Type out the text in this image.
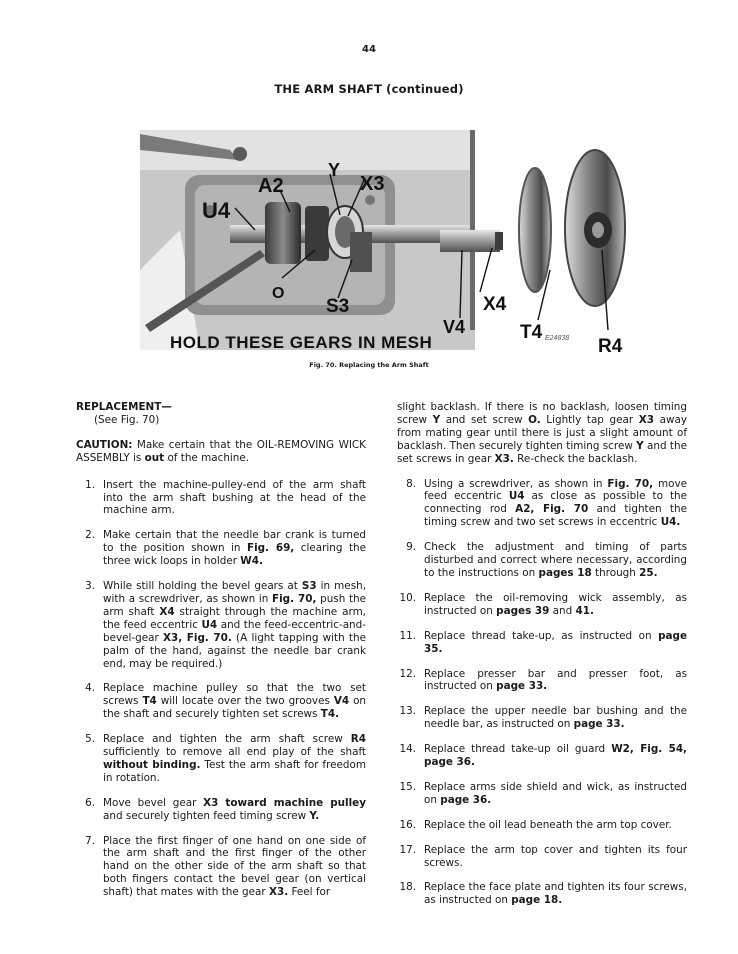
44
THE ARM SHAFT (continued)
A2
Y
X3
U4
O
S3	X4
V4	T4
R4
E24838
HOLD THESE GEARS IN MESH
Fig. 70. Replacing the Arm Shaft

REPLACEMENT—

(See Fig. 70)

CAUTION: Make certain that the OIL-REMOVING WICK ASSEMBLY is out of the machine.

1. Insert the machine-pulley-end of the arm shaft into the arm shaft bushing at the head of the machine arm.
2. Make certain that the needle bar crank is turned to the position shown in Fig. 69, clearing the three wick loops in holder W4.
3. While still holding the bevel gears at S3 in mesh, with a screwdriver, as shown in Fig. 70, push the arm shaft X4 straight through the machine arm, the feed eccentric U4 and the feed-eccentric-and-bevel-gear X3, Fig. 70. (A light tapping with the palm of the hand, against the needle bar crank end, may be required.)
4. Replace machine pulley so that the two set screws T4 will locate over the two grooves V4 on the shaft and securely tighten set screws T4.
5. Replace and tighten the arm shaft screw R4 sufficiently to remove all end play of the shaft without binding. Test the arm shaft for freedom in rotation.
6. Move bevel gear X3 toward machine pulley and securely tighten feed timing screw Y.
7. Place the first finger of one hand on one side of the arm shaft and the first finger of the other hand on the other side of the arm shaft so that both fingers contact the bevel gear (on vertical shaft) that mates with the gear X3. Feel for

slight backlash. If there is no backlash, loosen timing screw Y and set screw O. Lightly tap gear X3 away from mating gear until there is just a slight amount of backlash. Then securely tighten timing screw Y and the set screws in gear X3. Re-check the backlash.

8. Using a screwdriver, as shown in Fig. 70, move feed eccentric U4 as close as possible to the connecting rod A2, Fig. 70 and tighten the timing screw and two set screws in eccentric U4.
9. Check the adjustment and timing of parts disturbed and correct where necessary, according to the instructions on pages 18 through 25.
10. Replace the oil-removing wick assembly, as instructed on pages 39 and 41.
11. Replace thread take-up, as instructed on page 35.
12. Replace presser bar and presser foot, as instructed on page 33.
13. Replace the upper needle bar bushing and the needle bar, as instructed on page 33.
14. Replace thread take-up oil guard W2, Fig. 54, page 36.
15. Replace arms side shield and wick, as instructed on page 36.
16. Replace the oil lead beneath the arm top cover.
17. Replace the arm top cover and tighten its four screws.
18. Replace the face plate and tighten its four screws, as instructed on page 18.
